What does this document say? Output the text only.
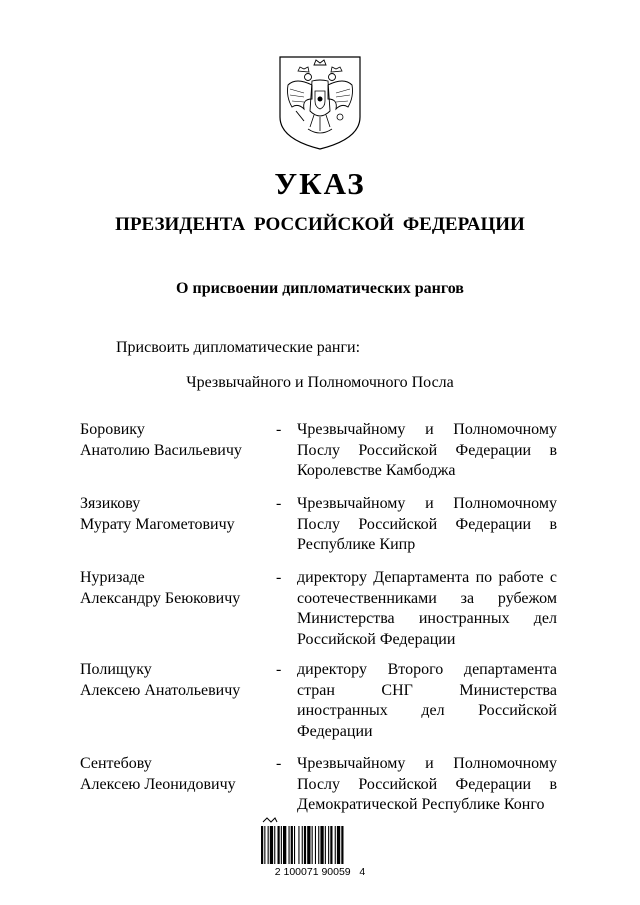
УКАЗ
ПРЕЗИДЕНТА РОССИЙСКОЙ ФЕДЕРАЦИИ
О присвоении дипломатических рангов
Присвоить дипломатические ранги:
Чрезвычайного и Полномочного Посла
Боровику
Анатолию Васильевичу
- Чрезвычайному и Полномочному Послу Российской Федерации в Королевстве Камбоджа
Зязикову
Мурату Магометовичу
- Чрезвычайному и Полномочному Послу Российской Федерации в Республике Кипр
Нуризаде
Александру Беюковичу
- директору Департамента по работе с соотечественниками за рубежом Министерства иностранных дел Российской Федерации
Полищуку
Алексею Анатольевичу
- директору Второго департамента стран СНГ Министерства иностранных дел Российской Федерации
Сентебову
Алексею Леонидовичу
- Чрезвычайному и Полномочному Послу Российской Федерации в Демократической Республике Конго
2 100071 90059   4
